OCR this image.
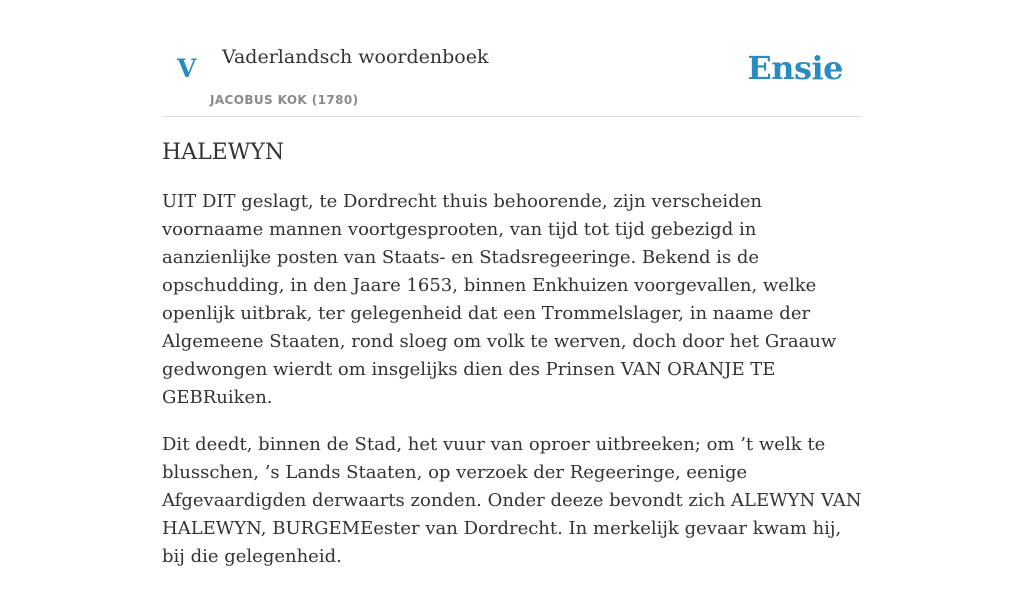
V Vaderlandsch woordenboek
JACOBUS KOK (1780)
Ensie
HALEWYN

UIT DIT geslagt, te Dordrecht thuis behoorende, zijn verscheiden voornaame mannen voortgesprooten, van tijd tot tijd gebezigd in aanzienlijke posten van Staats- en Stadsregeeringe. Bekend is de opschudding, in den Jaare 1653, binnen Enkhuizen voorgevallen, welke openlijk uitbrak, ter gelegenheid dat een Trommelslager, in naame der Algemeene Staaten, rond sloeg om volk te werven, doch door het Graauw gedwongen wierdt om insgelijks dien des Prinsen VAN ORANJE TE GEBRuiken.

Dit deedt, binnen de Stad, het vuur van oproer uitbreeken; om ’t welk te blusschen, ’s Lands Staaten, op verzoek der Regeeringe, eenige Afgevaardigden derwaarts zonden. Onder deeze bevondt zich ALEWYN VAN HALEWYN, BURGEMEester van Dordrecht. In merkelijk gevaar kwam hij, bij die gelegenheid.
